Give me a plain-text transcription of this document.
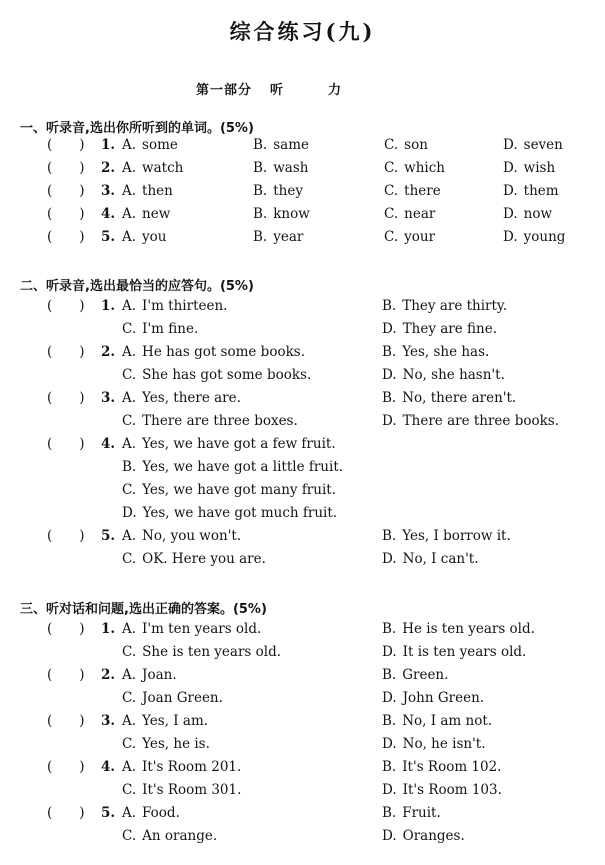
综合练习(九)
第一部分 听	力
一、听录音,选出你所听到的单词。(5%)
( ) 1. A. some	B. same	C. son	D. seven
( ) 2. A. watch	B. wash	C. which	D. wish
( ) 3. A. then	B. they	C. there	D. them
( ) 4. A. new	B. know	C. near	D. now
( ) 5. A. you	B. year	C. your	D. young
二、听录音,选出最恰当的应答句。(5%)
( ) 1. A. I'm thirteen.	B. They are thirty.
C. I'm fine.	D. They are fine.
( ) 2. A. He has got some books.	B. Yes, she has.
C. She has got some books.	D. No, she hasn't.
( ) 3. A. Yes, there are.	B. No, there aren't.
C. There are three boxes.	D. There are three books.
( ) 4. A. Yes, we have got a few fruit.
B. Yes, we have got a little fruit.
C. Yes, we have got many fruit.
D. Yes, we have got much fruit.
( ) 5. A. No, you won't.	B. Yes, I borrow it.
C. OK. Here you are.	D. No, I can't.
三、听对话和问题,选出正确的答案。(5%)
( ) 1. A. I'm ten years old.	B. He is ten years old.
C. She is ten years old.	D. It is ten years old.
( ) 2. A. Joan.	B. Green.
C. Joan Green.	D. John Green.
( ) 3. A. Yes, I am.	B. No, I am not.
C. Yes, he is.	D. No, he isn't.
( ) 4. A. It's Room 201.	B. It's Room 102.
C. It's Room 301.	D. It's Room 103.
( ) 5. A. Food.	B. Fruit.
C. An orange.	D. Oranges.
